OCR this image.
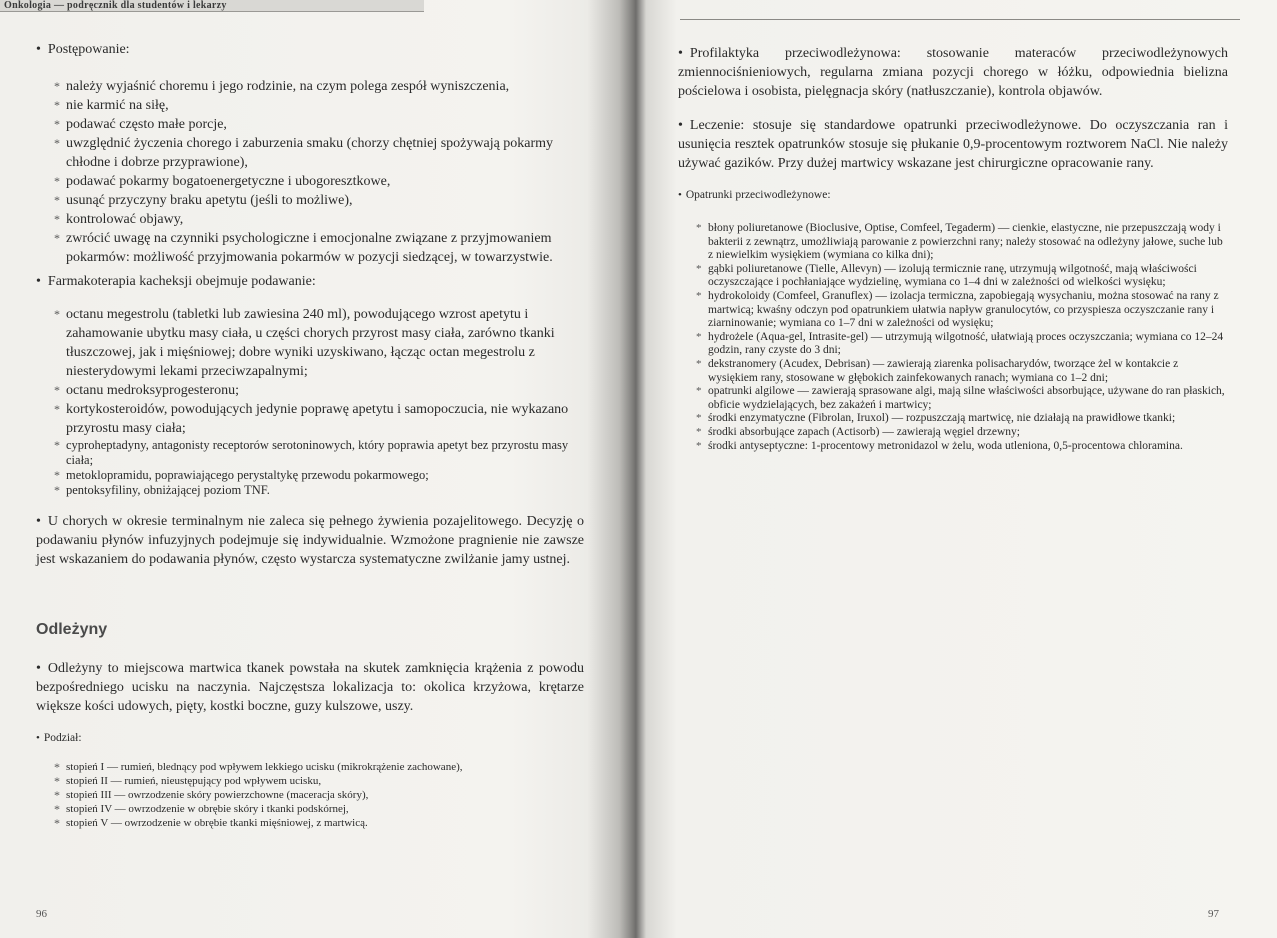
Onkologia — podręcznik dla studentów i lekarzy
• Postępowanie:
* należy wyjaśnić choremu i jego rodzinie, na czym polega zespół wyniszczenia,
* nie karmić na siłę,
* podawać często małe porcje,
* uwzględnić życzenia chorego i zaburzenia smaku (chorzy chętniej spożywają pokarmy chłodne i dobrze przyprawione),
* podawać pokarmy bogatoenergetyczne i ubogoresztkowe,
* usunąć przyczyny braku apetytu (jeśli to możliwe),
* kontrolować objawy,
* zwrócić uwagę na czynniki psychologiczne i emocjonalne związane z przyjmowaniem pokarmów: możliwość przyjmowania pokarmów w pozycji siedzącej, w towarzystwie.
• Farmakoterapia kacheksji obejmuje podawanie:
* octanu megestrolu (tabletki lub zawiesina 240 ml), powodującego wzrost apetytu i zahamowanie ubytku masy ciała, u części chorych przyrost masy ciała, zarówno tkanki tłuszczowej, jak i mięśniowej; dobre wyniki uzyskiwano, łącząc octan megestrolu z niesterydowymi lekami przeciwzapalnymi;
* octanu medroksyprogesteronu;
* kortykosteroidów, powodujących jedynie poprawę apetytu i samopoczucia, nie wykazano przyrostu masy ciała;
* cyproheptadyny, antagonisty receptorów serotoninowych, który poprawia apetyt bez przyrostu masy ciała;
* metoklopramidu, poprawiającego perystaltykę przewodu pokarmowego;
* pentoksyfiliny, obniżającej poziom TNF.
• U chorych w okresie terminalnym nie zaleca się pełnego żywienia pozajelitowego. Decyzję o podawaniu płynów infuzyjnych podejmuje się indywidualnie. Wzmożone pragnienie nie zawsze jest wskazaniem do podawania płynów, często wystarcza systematyczne zwilżanie jamy ustnej.
Odleżyny
• Odleżyny to miejscowa martwica tkanek powstała na skutek zamknięcia krążenia z powodu bezpośredniego ucisku na naczynia. Najczęstsza lokalizacja to: okolica krzyżowa, krętarze większe kości udowych, pięty, kostki boczne, guzy kulszowe, uszy.
• Podział:
* stopień I — rumień, blednący pod wpływem lekkiego ucisku (mikrokrążenie zachowane),
* stopień II — rumień, nieustępujący pod wpływem ucisku,
* stopień III — owrzodzenie skóry powierzchowne (maceracja skóry),
* stopień IV — owrzodzenie w obrębie skóry i tkanki podskórnej,
* stopień V — owrzodzenie w obrębie tkanki mięśniowej, z martwicą.
96
• Profilaktyka przeciwodleżynowa: stosowanie materaców przeciwodleżynowych zmiennociśnieniowych, regularna zmiana pozycji chorego w łóżku, odpowiednia bielizna pościelowa i osobista, pielęgnacja skóry (natłuszczanie), kontrola objawów.
• Leczenie: stosuje się standardowe opatrunki przeciwodleżynowe. Do oczyszczania ran i usunięcia resztek opatrunków stosuje się płukanie 0,9-procentowym roztworem NaCl. Nie należy używać gazików. Przy dużej martwicy wskazane jest chirurgiczne opracowanie rany.
• Opatrunki przeciwodleżynowe:
* błony poliuretanowe (Bioclusive, Optise, Comfeel, Tegaderm) — cienkie, elastyczne, nie przepuszczają wody i bakterii z zewnątrz, umożliwiają parowanie z powierzchni rany; należy stosować na odleżyny jałowe, suche lub z niewielkim wysiękiem (wymiana co kilka dni);
* gąbki poliuretanowe (Tielle, Allevyn) — izolują termicznie ranę, utrzymują wilgotność, mają właściwości oczyszczające i pochłaniające wydzielinę, wymiana co 1–4 dni w zależności od wielkości wysięku;
* hydrokoloidy (Comfeel, Granuflex) — izolacja termiczna, zapobiegają wysychaniu, można stosować na rany z martwicą; kwaśny odczyn pod opatrunkiem ułatwia napływ granulocytów, co przyspiesza oczyszczanie rany i ziarninowanie; wymiana co 1–7 dni w zależności od wysięku;
* hydrożele (Aqua-gel, Intrasite-gel) — utrzymują wilgotność, ułatwiają proces oczyszczania; wymiana co 12–24 godzin, rany czyste do 3 dni;
* dekstranomery (Acudex, Debrisan) — zawierają ziarenka polisacharydów, tworzące żel w kontakcie z wysiękiem rany, stosowane w głębokich zainfekowanych ranach; wymiana co 1–2 dni;
* opatrunki algilowe — zawierają sprasowane algi, mają silne właściwości absorbujące, używane do ran płaskich, obficie wydzielających, bez zakażeń i martwicy;
* środki enzymatyczne (Fibrolan, Iruxol) — rozpuszczają martwicę, nie działają na prawidłowe tkanki;
* środki absorbujące zapach (Actisorb) — zawierają węgiel drzewny;
* środki antyseptyczne: 1-procentowy metronidazol w żelu, woda utleniona, 0,5-procentowa chloramina.
97
